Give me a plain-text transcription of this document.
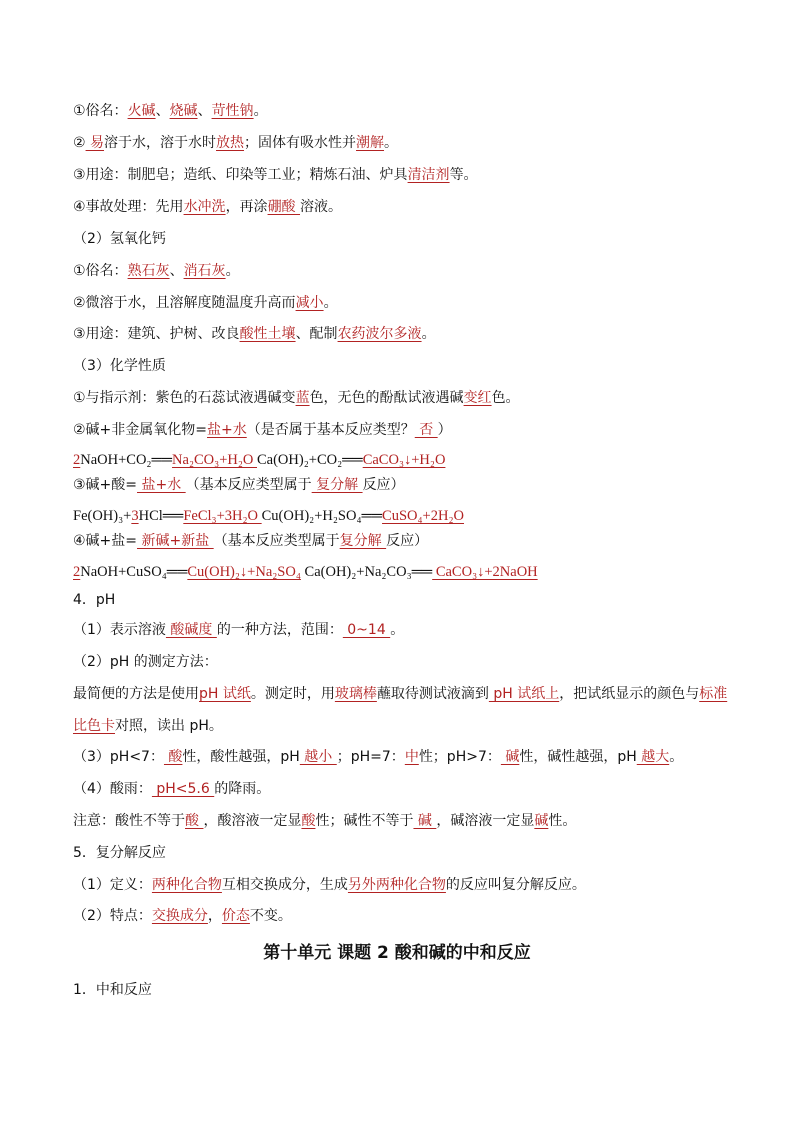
①俗名：火碱、烧碱、苛性钠。
② 易溶于水，溶于水时放热；固体有吸水性并潮解。
③用途：制肥皂；造纸、印染等工业；精炼石油、炉具清洁剂等。
④事故处理：先用水冲洗，再涂硼酸 溶液。
（2）氢氧化钙
①俗名：熟石灰、消石灰。
②微溶于水，且溶解度随温度升高而减小。
③用途：建筑、护树、改良酸性土壤、配制农药波尔多液。
（3）化学性质
①与指示剂：紫色的石蕊试液遇碱变蓝色，无色的酚酞试液遇碱变红色。
②碱+非金属氧化物=盐+水（是否属于基本反应类型？ 否 ）
2NaOH+CO₂══Na₂CO₃+H₂O Ca(OH)₂+CO₂══CaCO₃↓+H₂O
③碱+酸= 盐+水 （基本反应类型属于 复分解 反应）
Fe(OH)₃+3HCl══FeCl₃+3H₂O Cu(OH)₂+H₂SO₄══CuSO₄+2H₂O
④碱+盐= 新碱+新盐 （基本反应类型属于复分解 反应）
2NaOH+CuSO₄══Cu(OH)₂↓+Na₂SO₄ Ca(OH)₂+Na₂CO₃══ CaCO₃↓+2NaOH
4．pH
（1）表示溶液 酸碱度 的一种方法，范围： 0~14 。
（2）pH 的测定方法：
最简便的方法是使用pH 试纸。测定时，用玻璃棒蘸取待测试液滴到 pH 试纸上，把试纸显示的颜色与标准
比色卡对照，读出 pH。
（3）pH<7： 酸性，酸性越强，pH 越小 ；pH=7：中性；pH>7： 碱性，碱性越强，pH 越大。
（4）酸雨： pH<5.6 的降雨。
注意：酸性不等于酸 ，酸溶液一定显酸性；碱性不等于 碱 ，碱溶液一定显碱性。
5．复分解反应
（1）定义：两种化合物互相交换成分，生成另外两种化合物的反应叫复分解反应。
（2）特点：交换成分，价态不变。
第十单元 课题 2 酸和碱的中和反应
1．中和反应
